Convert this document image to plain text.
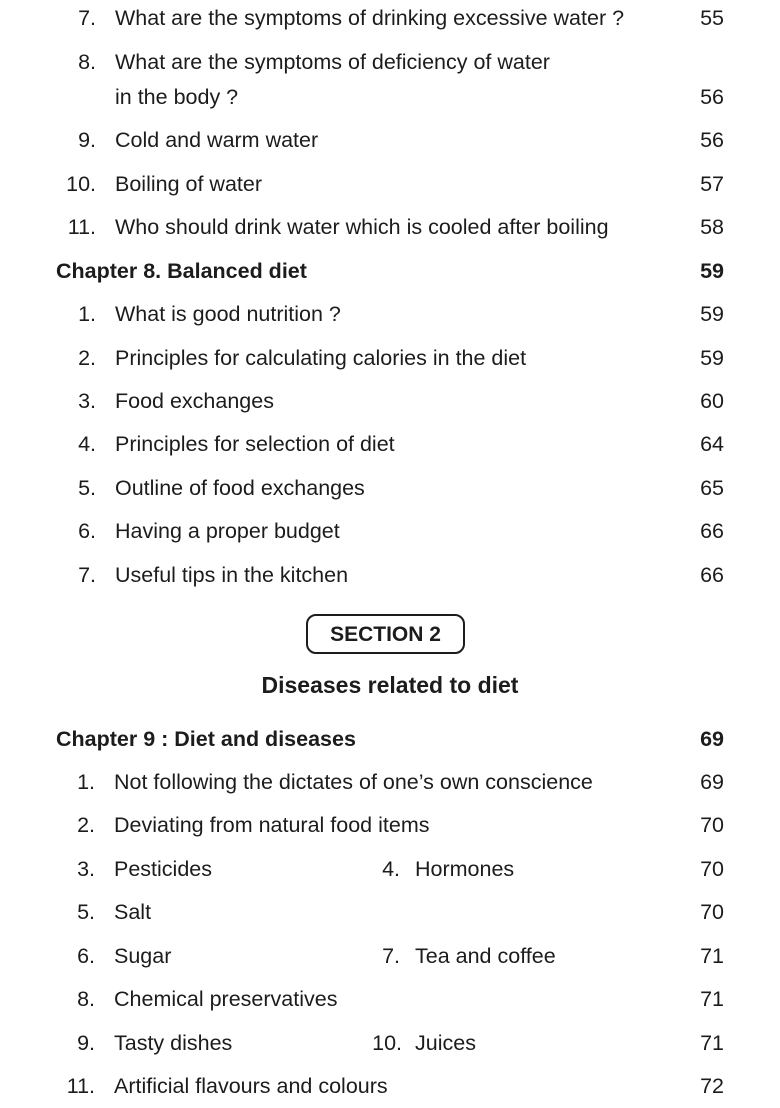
7. What are the symptoms of drinking excessive water ?	55
8. What are the symptoms of deficiency of water
in the body ?	56
9. Cold and warm water	56
10. Boiling of water	57
11. Who should drink water which is cooled after boiling	58
Chapter 8. Balanced diet	59
1. What is good nutrition ?	59
2. Principles for calculating calories in the diet	59
3. Food exchanges	60
4. Principles for selection of diet	64
5. Outline of food exchanges	65
6. Having a proper budget	66
7. Useful tips in the kitchen	66
SECTION 2
Diseases related to diet
Chapter 9 : Diet and diseases	69
1. Not following the dictates of one’s own conscience	69
2. Deviating from natural food items	70
3. Pesticides	4. Hormones	70
5. Salt	70
6. Sugar	7. Tea and coffee	71
8. Chemical preservatives	71
9. Tasty dishes	10. Juices	71
11. Artificial flavours and colours	72
